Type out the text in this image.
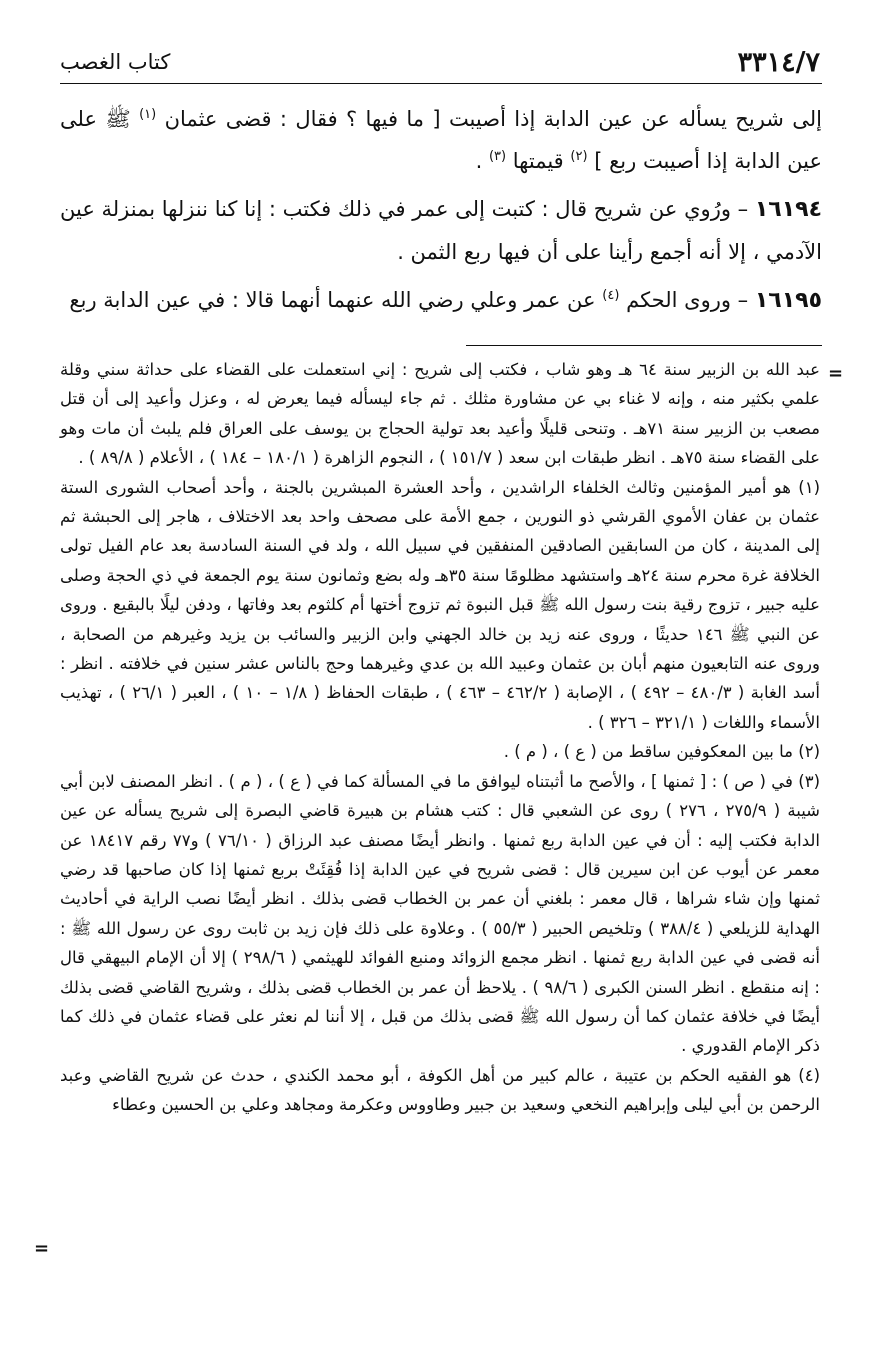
٣٣١٤/٧
كتاب الغصب

إلى شريح يسأله عن عين الدابة إذا أصيبت [ ما فيها ؟ فقال : قضى عثمان $^{(١)}$ ﷺ على عين الدابة إذا أصيبت ربع ] $^{(٢)}$ قيمتها $^{(٣)}$ .

١٦١٩٤ – ورُوي عن شريح قال : كتبت إلى عمر في ذلك فكتب : إنا كنا ننزلها بمنزلة عين الآدمي ، إلا أنه أجمع رأينا على أن فيها ربع الثمن .

١٦١٩٥ – وروى الحكم $^{(٤)}$ عن عمر وعلي رضي الله عنهما أنهما قالا : في عين الدابة ربع

=

عبد الله بن الزبير سنة ٦٤ هـ وهو شاب ، فكتب إلى شريح : إني استعملت على القضاء على حداثة سني وقلة علمي بكثير منه ، وإنه لا غناء بي عن مشاورة مثلك . ثم جاء ليسأله فيما يعرض له ، وعزل وأعيد إلى أن قتل مصعب بن الزبير سنة ٧١هـ . وتنحى قليلًا وأعيد بعد تولية الحجاج بن يوسف على العراق فلم يلبث أن مات وهو على القضاء سنة ٧٥هـ . انظر طبقات ابن سعد ( ١٥١/٧ ) ، النجوم الزاهرة ( ١٨٠/١ – ١٨٤ ) ، الأعلام ( ٨٩/٨ ) .

(١) هو أمير المؤمنين وثالث الخلفاء الراشدين ، وأحد العشرة المبشرين بالجنة ، وأحد أصحاب الشورى الستة عثمان بن عفان الأموي القرشي ذو النورين ، جمع الأمة على مصحف واحد بعد الاختلاف ، هاجر إلى الحبشة ثم إلى المدينة ، كان من السابقين الصادقين المنفقين في سبيل الله ، ولد في السنة السادسة بعد عام الفيل تولى الخلافة غرة محرم سنة ٢٤هـ واستشهد مظلومًا سنة ٣٥هـ وله بضع وثمانون سنة يوم الجمعة في ذي الحجة وصلى عليه جبير ، تزوج رقية بنت رسول الله ﷺ قبل النبوة ثم تزوج أختها أم كلثوم بعد وفاتها ، ودفن ليلًا بالبقيع . وروى عن النبي ﷺ ١٤٦ حديثًا ، وروى عنه زيد بن خالد الجهني وابن الزبير والسائب بن يزيد وغيرهم من الصحابة ، وروى عنه التابعيون منهم أبان بن عثمان وعبيد الله بن عدي وغيرهما وحج بالناس عشر سنين في خلافته . انظر : أسد الغابة ( ٤٨٠/٣ – ٤٩٢ ) ، الإصابة ( ٤٦٢/٢ – ٤٦٣ ) ، طبقات الحفاظ ( ١/٨ – ١٠ ) ، العبر ( ٢٦/١ ) ، تهذيب الأسماء واللغات ( ٣٢١/١ – ٣٢٦ ) .

(٢) ما بين المعكوفين ساقط من ( ع ) ، ( م ) .

(٣) في ( ص ) : [ ثمنها ] ، والأصح ما أثبتناه ليوافق ما في المسألة كما في ( ع ) ، ( م ) . انظر المصنف لابن أبي شيبة ( ٢٧٥/٩ ، ٢٧٦ ) روى عن الشعبي قال : كتب هشام بن هبيرة قاضي البصرة إلى شريح يسأله عن عين الدابة فكتب إليه : أن في عين الدابة ربع ثمنها . وانظر أيضًا مصنف عبد الرزاق ( ٧٦/١٠ ) و٧٧ رقم ١٨٤١٧ عن معمر عن أيوب عن ابن سيرين قال : قضى شريح في عين الدابة إذا فُقِئَتْ بربع ثمنها إذا كان صاحبها قد رضي ثمنها وإن شاء شراها ، قال معمر : بلغني أن عمر بن الخطاب قضى بذلك . انظر أيضًا نصب الراية في أحاديث الهداية للزيلعي ( ٣٨٨/٤ ) وتلخيص الحبير ( ٥٥/٣ ) . وعلاوة على ذلك فإن زيد بن ثابت روى عن رسول الله ﷺ : أنه قضى في عين الدابة ربع ثمنها . انظر مجمع الزوائد ومنبع الفوائد للهيثمي ( ٢٩٨/٦ ) إلا أن الإمام البيهقي قال : إنه منقطع . انظر السنن الكبرى ( ٩٨/٦ ) . يلاحظ أن عمر بن الخطاب قضى بذلك ، وشريح القاضي قضى بذلك أيضًا في خلافة عثمان كما أن رسول الله ﷺ قضى بذلك من قبل ، إلا أننا لم نعثر على قضاء عثمان في ذلك كما ذكر الإمام القدوري .

(٤) هو الفقيه الحكم بن عتيبة ، عالم كبير من أهل الكوفة ، أبو محمد الكندي ، حدث عن شريح القاضي وعبد الرحمن بن أبي ليلى وإبراهيم النخعي وسعيد بن جبير وطاووس وعكرمة ومجاهد وعلي بن الحسين وعطاء

=
